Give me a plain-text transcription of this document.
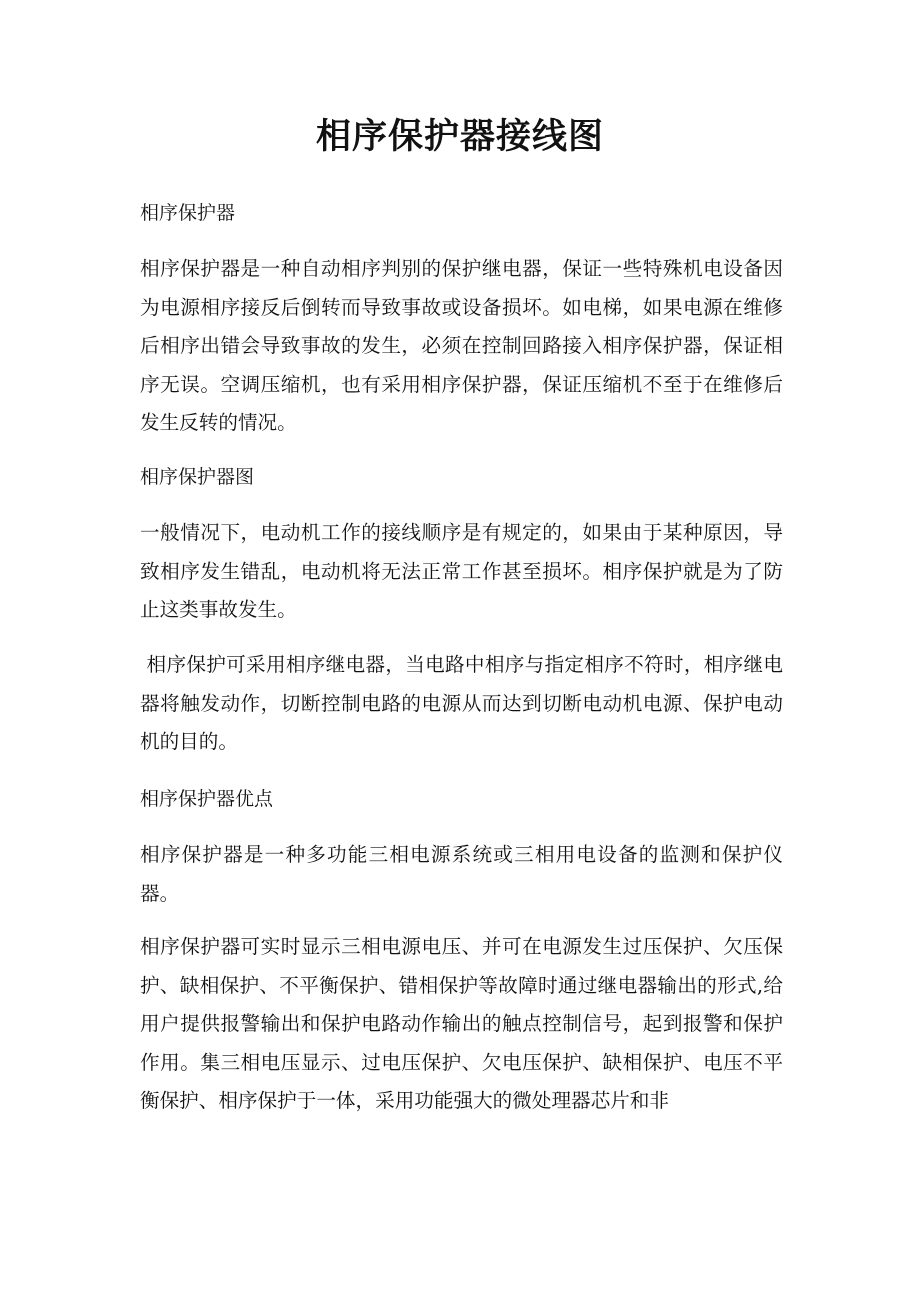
相序保护器接线图

相序保护器

相序保护器是一种自动相序判别的保护继电器，保证一些特殊机电设备因为电源相序接反后倒转而导致事故或设备损坏。如电梯，如果电源在维修后相序出错会导致事故的发生，必须在控制回路接入相序保护器，保证相序无误。空调压缩机，也有采用相序保护器，保证压缩机不至于在维修后发生反转的情况。

相序保护器图

一般情况下，电动机工作的接线顺序是有规定的，如果由于某种原因，导致相序发生错乱，电动机将无法正常工作甚至损坏。相序保护就是为了防止这类事故发生。

相序保护可采用相序继电器，当电路中相序与指定相序不符时，相序继电器将触发动作，切断控制电路的电源从而达到切断电动机电源、保护电动机的目的。

相序保护器优点

相序保护器是一种多功能三相电源系统或三相用电设备的监测和保护仪器。

相序保护器可实时显示三相电源电压、并可在电源发生过压保护、欠压保护、缺相保护、不平衡保护、错相保护等故障时通过继电器输出的形式,给用户提供报警输出和保护电路动作输出的触点控制信号，起到报警和保护作用。集三相电压显示、过电压保护、欠电压保护、缺相保护、电压不平衡保护、相序保护于一体，采用功能强大的微处理器芯片和非
